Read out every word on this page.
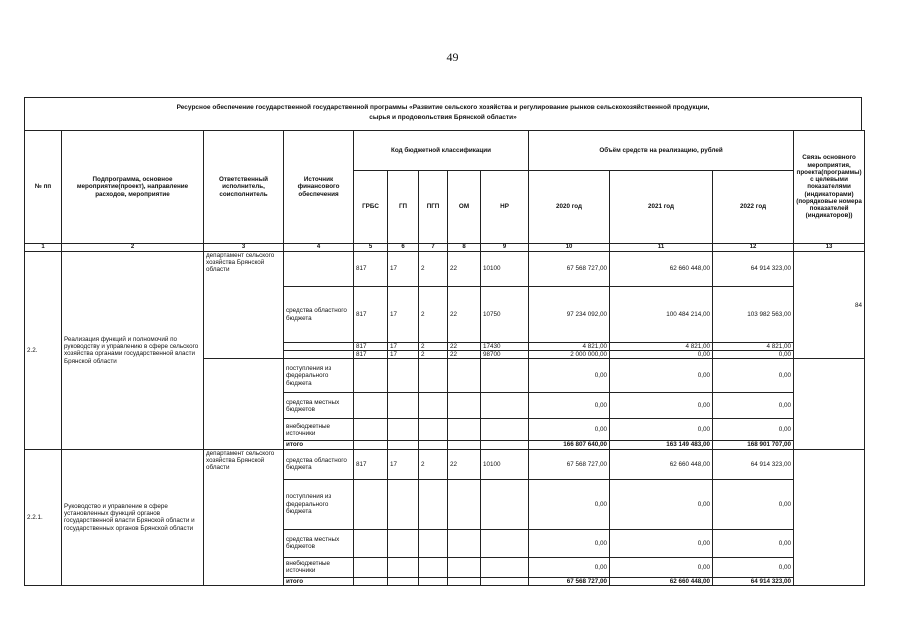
49
Ресурсное обеспечение государственной государственной программы «Развитие сельского хозяйства и регулирование рынков сельскохозяйственной продукции,
сырья и продовольствия Брянской области»
№ пп	Подпрограмма, основное мероприятие(проект), направление расходов, мероприятие	Ответственный исполнитель, соисполнитель	Источник финансового обеспечения	Код бюджетной классификации					Объём средств на реализацию, рублей			Связь основного мероприятия, проекта(программы) с целевыми показателями (индикаторами) (порядковые номера показателей (индикаторов))
				ГРБС	ГП	ПГП	ОМ	НР	2020 год	2021 год	2022 год	
1	2	3	4	5	6	7	8	9	10	11	12	13
2.2.	Реализация функций и полномочий по руководству и управлению в сфере сельского хозяйства органами государственной власти Брянской области	департамент сельского хозяйства Брянской области		817	17	2	22	10100	67 568 727,00	62 660 448,00	64 914 323,00	84
			средства областного бюджета	817	17	2	22	10750	97 234 092,00	100 484 214,00	103 982 563,00	
				817	17	2	22	17430	4 821,00	4 821,00	4 821,00	
				817	17	2	22	98700	2 000 000,00	0,00	0,00	
			поступления из федерального бюджета						0,00	0,00	0,00	
			средства местных бюджетов						0,00	0,00	0,00	
			внебюджетные источники						0,00	0,00	0,00	
			итого						166 807 640,00	163 149 483,00	168 901 707,00	
2.2.1.	Руководство и управление в сфере установленных функций органов государственной власти Брянской области и государственных органов Брянской области	департамент сельского хозяйства Брянской области	средства областного бюджета	817	17	2	22	10100	67 568 727,00	62 660 448,00	64 914 323,00	
			поступления из федерального бюджета						0,00	0,00	0,00	
			средства местных бюджетов						0,00	0,00	0,00	
			внебюджетные источники						0,00	0,00	0,00	
			итого						67 568 727,00	62 660 448,00	64 914 323,00	
